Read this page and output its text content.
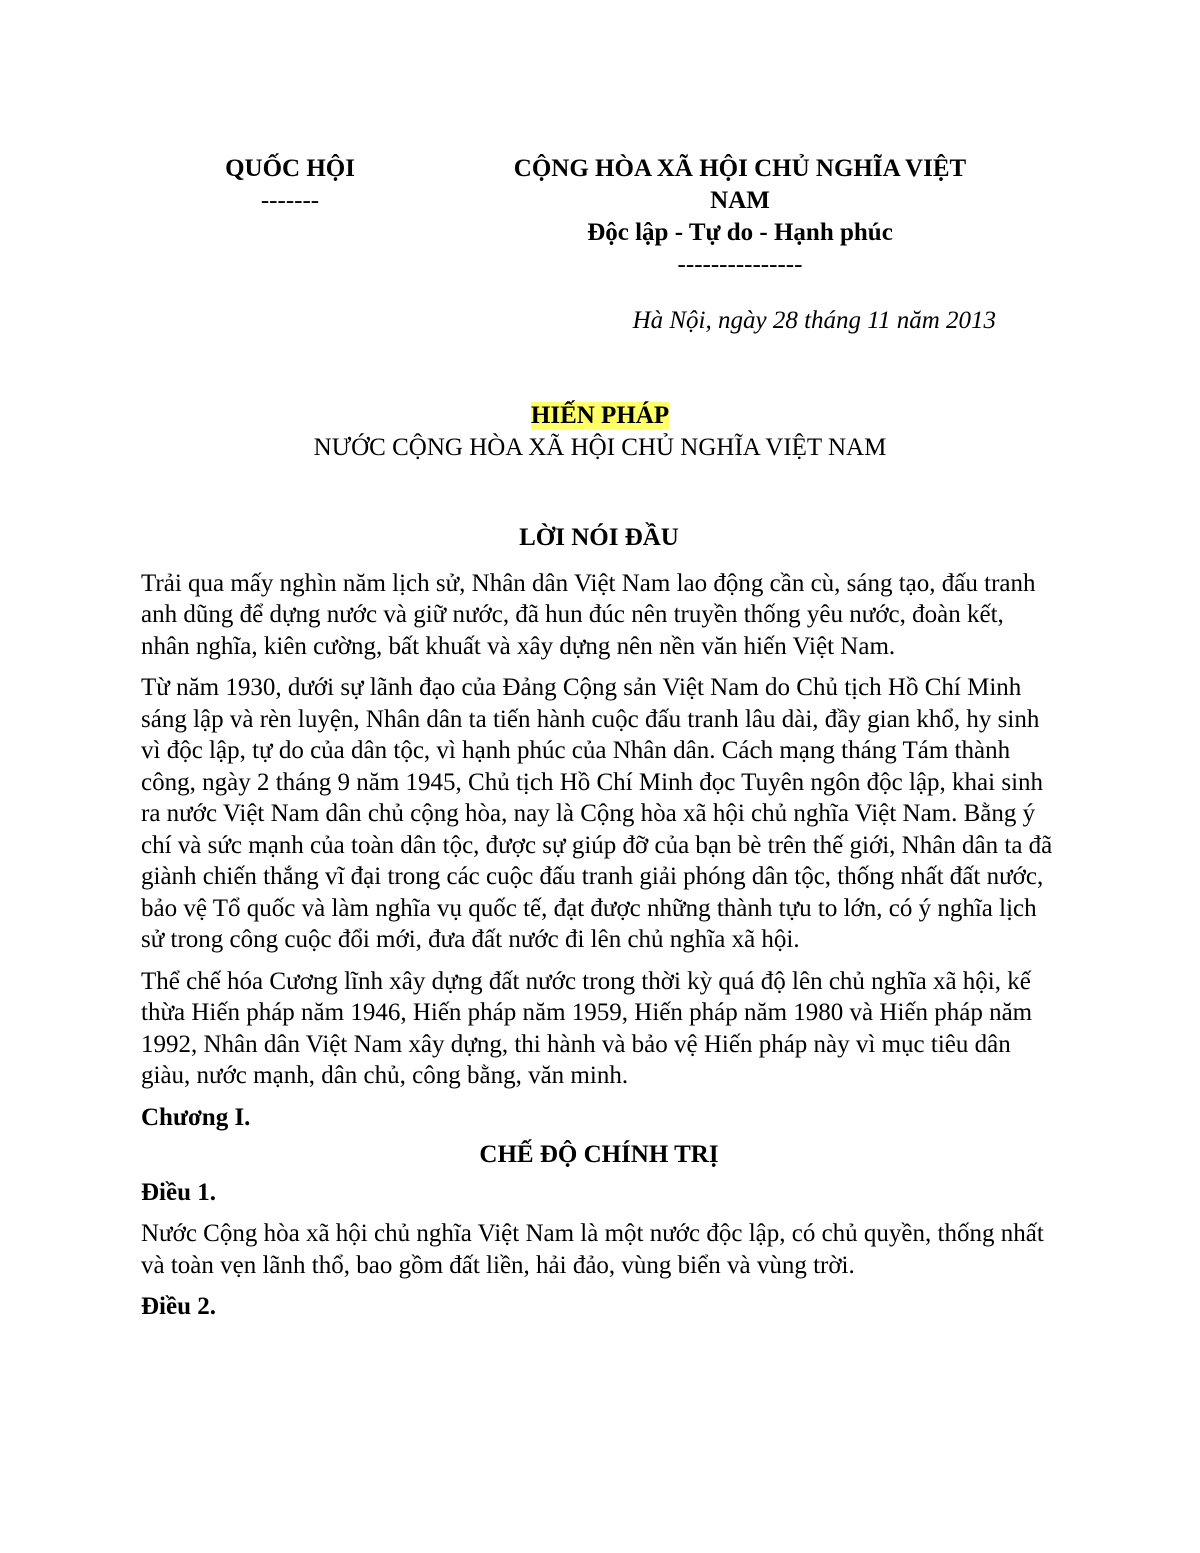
QUỐC HỘI
-------
CỘNG HÒA XÃ HỘI CHỦ NGHĨA VIỆT
NAM
Độc lập - Tự do - Hạnh phúc
---------------
Hà Nội, ngày 28 tháng 11 năm 2013
HIẾN PHÁP
NƯỚC CỘNG HÒA XÃ HỘI CHỦ NGHĨA VIỆT NAM
LỜI NÓI ĐẦU

Trải qua mấy nghìn năm lịch sử, Nhân dân Việt Nam lao động cần cù, sáng tạo, đấu tranh anh dũng để dựng nước và giữ nước, đã hun đúc nên truyền thống yêu nước, đoàn kết, nhân nghĩa, kiên cường, bất khuất và xây dựng nên nền văn hiến Việt Nam.

Từ năm 1930, dưới sự lãnh đạo của Đảng Cộng sản Việt Nam do Chủ tịch Hồ Chí Minh sáng lập và rèn luyện, Nhân dân ta tiến hành cuộc đấu tranh lâu dài, đầy gian khổ, hy sinh vì độc lập, tự do của dân tộc, vì hạnh phúc của Nhân dân. Cách mạng tháng Tám thành công, ngày 2 tháng 9 năm 1945, Chủ tịch Hồ Chí Minh đọc Tuyên ngôn độc lập, khai sinh ra nước Việt Nam dân chủ cộng hòa, nay là Cộng hòa xã hội chủ nghĩa Việt Nam. Bằng ý chí và sức mạnh của toàn dân tộc, được sự giúp đỡ của bạn bè trên thế giới, Nhân dân ta đã giành chiến thắng vĩ đại trong các cuộc đấu tranh giải phóng dân tộc, thống nhất đất nước, bảo vệ Tổ quốc và làm nghĩa vụ quốc tế, đạt được những thành tựu to lớn, có ý nghĩa lịch sử trong công cuộc đổi mới, đưa đất nước đi lên chủ nghĩa xã hội.

Thể chế hóa Cương lĩnh xây dựng đất nước trong thời kỳ quá độ lên chủ nghĩa xã hội, kế thừa Hiến pháp năm 1946, Hiến pháp năm 1959, Hiến pháp năm 1980 và Hiến pháp năm 1992, Nhân dân Việt Nam xây dựng, thi hành và bảo vệ Hiến pháp này vì mục tiêu dân giàu, nước mạnh, dân chủ, công bằng, văn minh.

Chương I.
CHẾ ĐỘ CHÍNH TRỊ
Điều 1.

Nước Cộng hòa xã hội chủ nghĩa Việt Nam là một nước độc lập, có chủ quyền, thống nhất và toàn vẹn lãnh thổ, bao gồm đất liền, hải đảo, vùng biển và vùng trời.

Điều 2.
